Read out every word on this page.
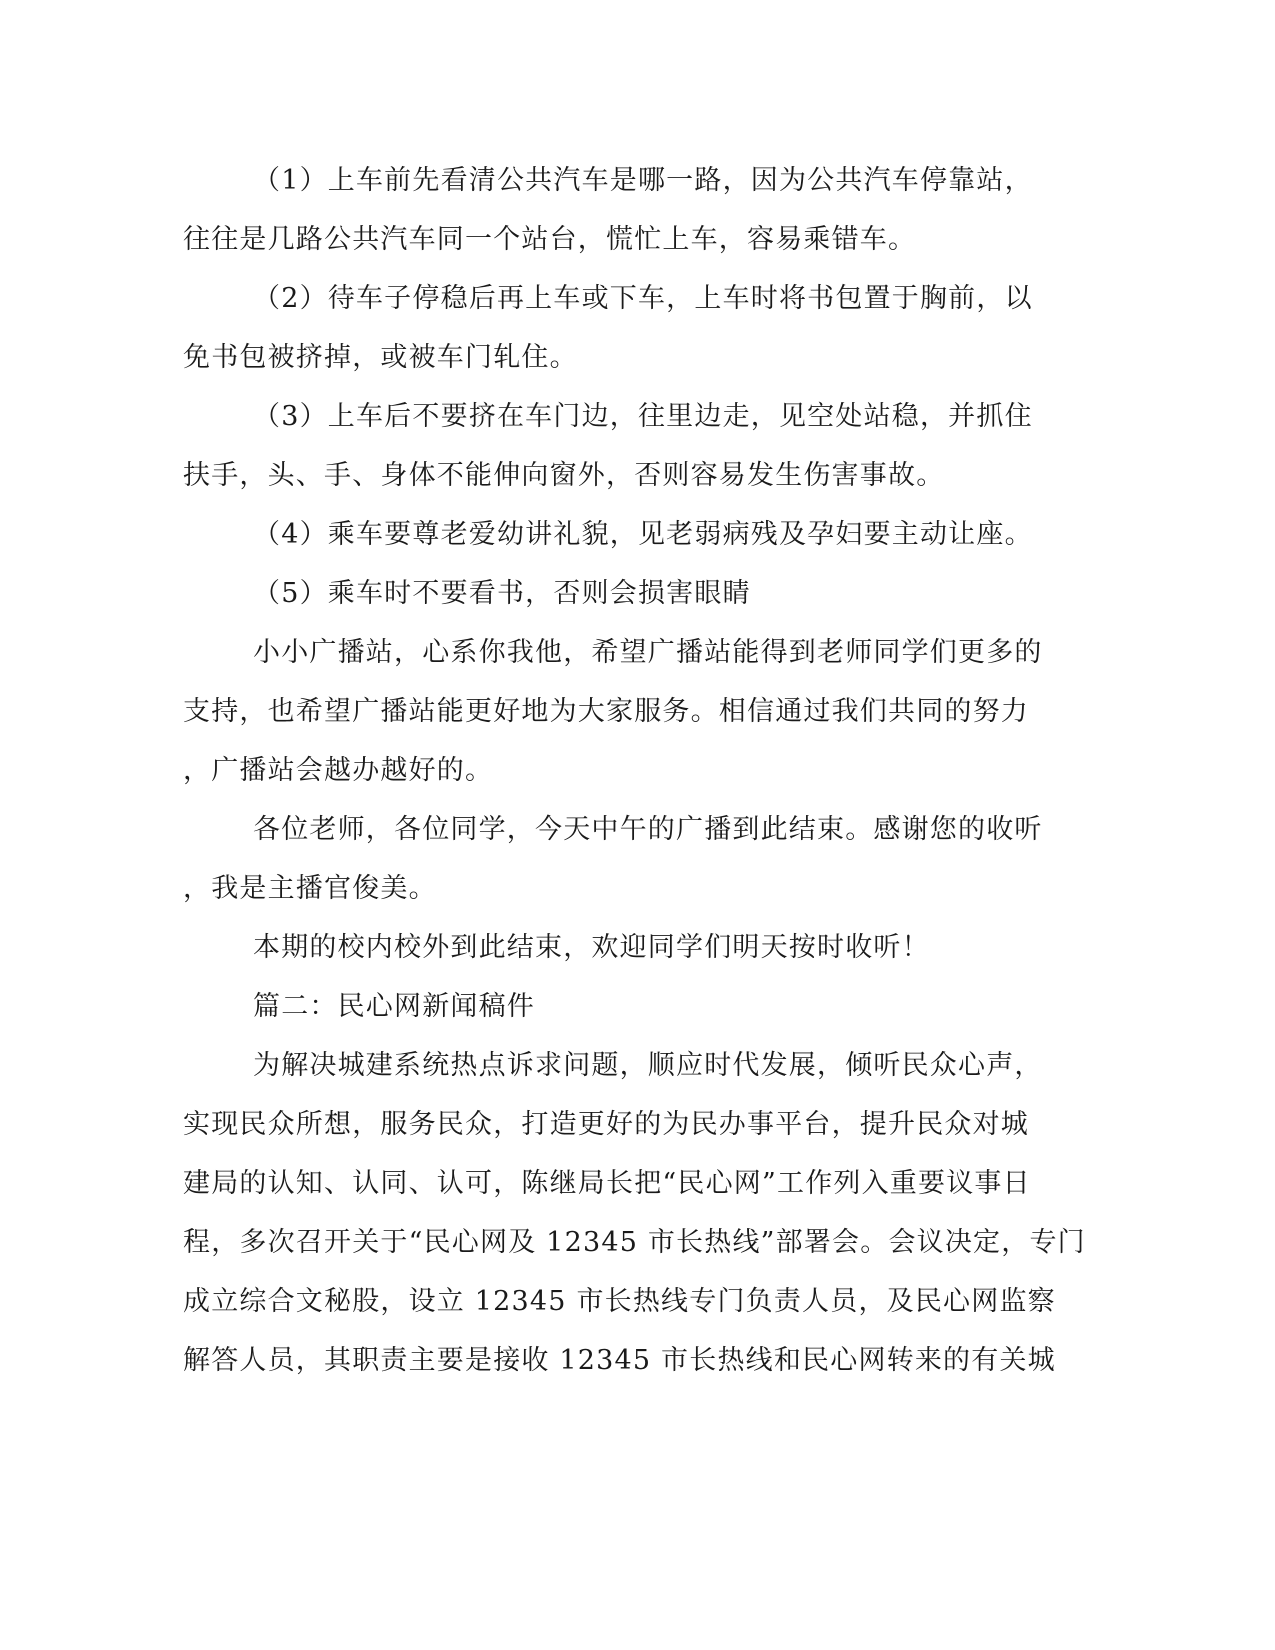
（1）上车前先看清公共汽车是哪一路，因为公共汽车停靠站，
往往是几路公共汽车同一个站台，慌忙上车，容易乘错车。
（2）待车子停稳后再上车或下车，上车时将书包置于胸前，以
免书包被挤掉，或被车门轧住。
（3）上车后不要挤在车门边，往里边走，见空处站稳，并抓住
扶手，头、手、身体不能伸向窗外，否则容易发生伤害事故。
（4）乘车要尊老爱幼讲礼貌，见老弱病残及孕妇要主动让座。
（5）乘车时不要看书，否则会损害眼睛
小小广播站，心系你我他，希望广播站能得到老师同学们更多的
支持，也希望广播站能更好地为大家服务。相信通过我们共同的努力
，广播站会越办越好的。
各位老师，各位同学，今天中午的广播到此结束。感谢您的收听
，我是主播官俊美。
本期的校内校外到此结束，欢迎同学们明天按时收听！
篇二：民心网新闻稿件
为解决城建系统热点诉求问题，顺应时代发展，倾听民众心声，
实现民众所想，服务民众，打造更好的为民办事平台，提升民众对城
建局的认知、认同、认可，陈继局长把“民心网”工作列入重要议事日
程，多次召开关于“民心网及 12345 市长热线”部署会。会议决定，专门
成立综合文秘股，设立 12345 市长热线专门负责人员，及民心网监察
解答人员，其职责主要是接收 12345 市长热线和民心网转来的有关城
